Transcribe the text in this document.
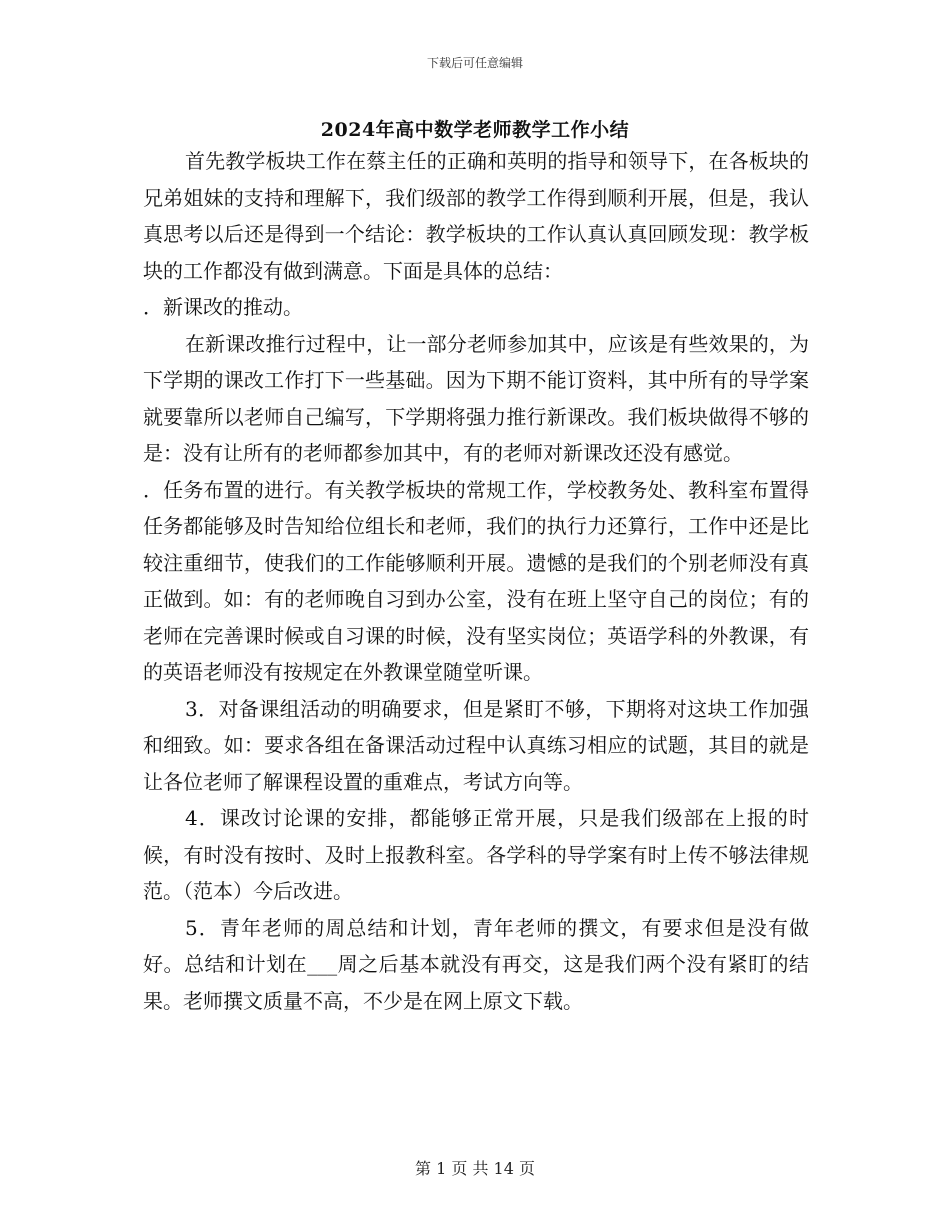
下载后可任意编辑
2024年高中数学老师教学工作小结

首先教学板块工作在蔡主任的正确和英明的指导和领导下，在各板块的兄弟姐妹的支持和理解下，我们级部的教学工作得到顺利开展，但是，我认真思考以后还是得到一个结论：教学板块的工作认真认真回顾发现：教学板块的工作都没有做到满意。下面是具体的总结：

．新课改的推动。

在新课改推行过程中，让一部分老师参加其中，应该是有些效果的，为下学期的课改工作打下一些基础。因为下期不能订资料，其中所有的导学案就要靠所以老师自己编写，下学期将强力推行新课改。我们板块做得不够的是：没有让所有的老师都参加其中，有的老师对新课改还没有感觉。

．任务布置的进行。有关教学板块的常规工作，学校教务处、教科室布置得任务都能够及时告知给位组长和老师，我们的执行力还算行，工作中还是比较注重细节，使我们的工作能够顺利开展。遗憾的是我们的个别老师没有真正做到。如：有的老师晚自习到办公室，没有在班上坚守自己的岗位；有的老师在完善课时候或自习课的时候，没有坚实岗位；英语学科的外教课，有的英语老师没有按规定在外教课堂随堂听课。

3．对备课组活动的明确要求，但是紧盯不够，下期将对这块工作加强和细致。如：要求各组在备课活动过程中认真练习相应的试题，其目的就是让各位老师了解课程设置的重难点，考试方向等。

4．课改讨论课的安排，都能够正常开展，只是我们级部在上报的时候，有时没有按时、及时上报教科室。各学科的导学案有时上传不够法律规范。（范本）今后改进。

5．青年老师的周总结和计划，青年老师的撰文，有要求但是没有做好。总结和计划在___周之后基本就没有再交，这是我们两个没有紧盯的结果。老师撰文质量不高，不少是在网上原文下载。

第 1 页 共 14 页
